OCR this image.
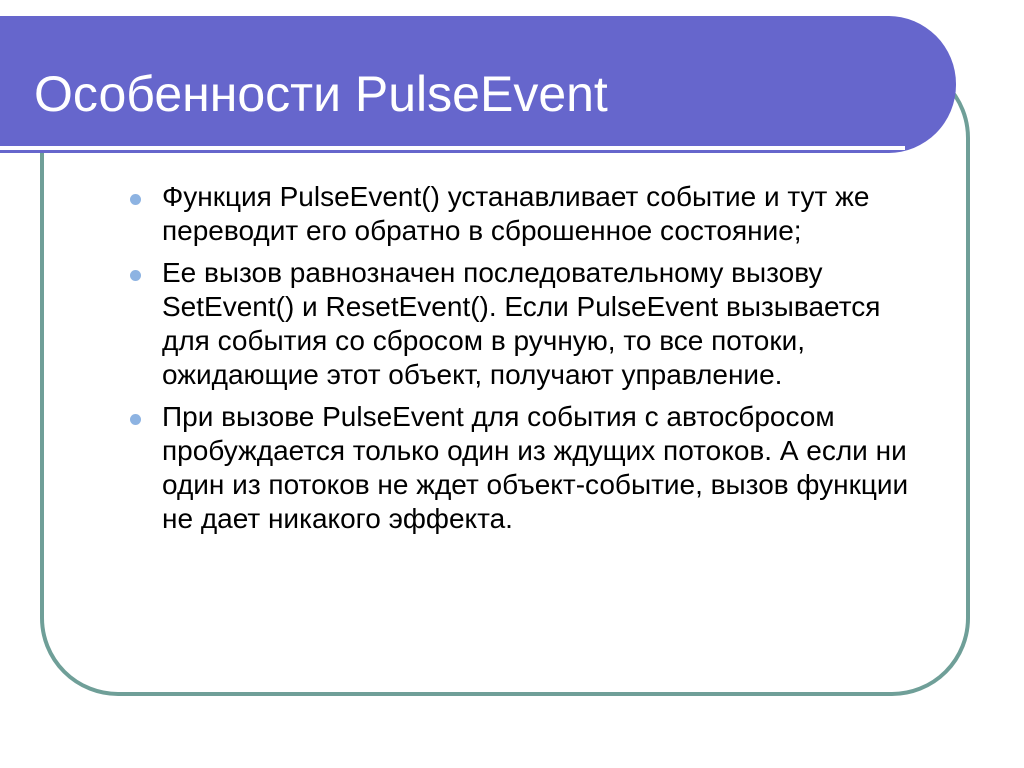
Особенности PulseEvent
Функция PulseEvent() устанавливает событие и тут же переводит его обратно в сброшенное состояние;
Ее вызов равнозначен последовательному вызову SetEvent() и ResetEvent(). Если PulseEvent вызывается для события со сбросом в ручную, то все потоки, ожидающие этот объект, получают управление.
При вызове PulseEvent для события с автосбросом пробуждается только один из ждущих потоков. А если ни один из потоков не ждет объект-событие, вызов функции не дает никакого эффекта.
